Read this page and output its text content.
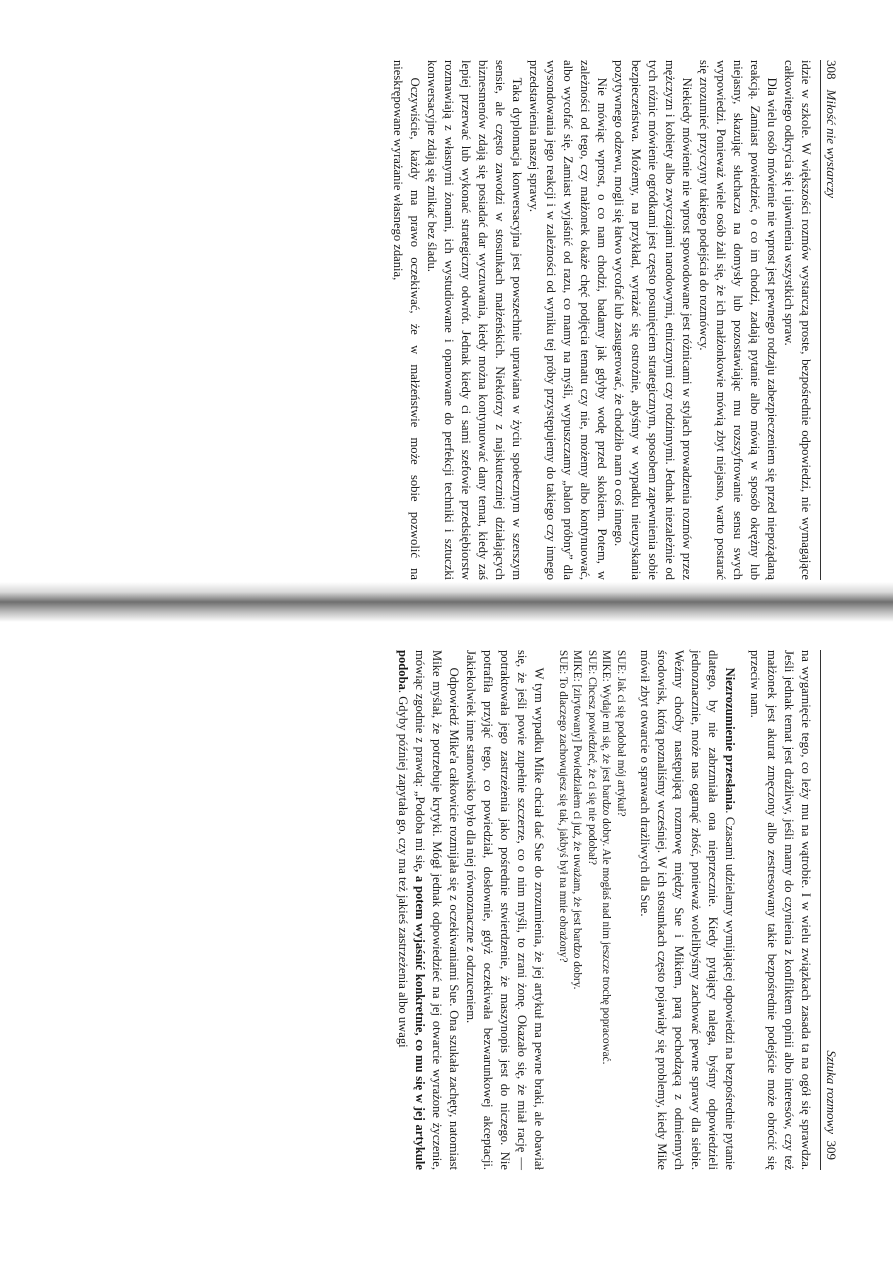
308Miłość nie wystarczy

idzie w szkole. W większości rozmów wystarczą proste, bezpośrednie odpowiedzi, nie wymagające całkowitego odkrycia się i ujawnienia wszystkich spraw.

Dla wielu osób mówienie nie wprost jest pewnego rodzaju zabezpieczeniem się przed niepożądaną reakcją. Zamiast powiedzieć, o co im chodzi, zadają pytanie albo mówią w sposób okrężny lub niejasny, skazując słuchacza na domysły lub pozostawiając mu rozszyfrowanie sensu swych wypowiedzi. Ponieważ wiele osób żali się, że ich małżonkowie mówią zbyt niejasno, warto postarać się zrozumieć przyczyny takiego podejścia do rozmówcy.

Niekiedy mówienie nie wprost spowodowane jest różnicami w stylach prowadzenia rozmów przez mężczyzn i kobiety albo zwyczajami narodowymi, etnicznymi czy rodzinnymi. Jednak niezależnie od tych różnic mówienie ogródkami jest często posunięciem strategicznym, sposobem zapewnienia sobie bezpieczeństwa. Możemy, na przykład, wyrażać się ostrożnie, abyśmy w wypadku nieuzyskania pozytywnego odzewu, mogli się łatwo wycofać lub zasugerować, że chodziło nam o coś innego.

Nie mówiąc wprost, o co nam chodzi, badamy jak gdyby wodę przed skokiem. Potem, w zależności od tego, czy małżonek okaże chęć podjęcia tematu czy nie, możemy albo kontynuować, albo wycofać się. Zamiast wyjaśnić od razu, co mamy na myśli, wypuszczamy „balon próbny” dla wysondowania jego reakcji i w zależności od wyniku tej próby przystępujemy do takiego czy innego przedstawienia naszej sprawy.

Taka dyplomacja konwersacyjna jest powszechnie uprawiana w życiu społecznym w szerszym sensie, ale często zawodzi w stosunkach małżeńskich. Niektórzy z najskuteczniej działających biznesmenów zdają się posiadać dar wyczuwania, kiedy można kontynuować dany temat, kiedy zaś lepiej przerwać lub wykonać strategiczny odwrót. Jednak kiedy ci sami szefowie przedsiębiorstw rozmawiają z własnymi żonami, ich wystudiowane i opanowane do perfekcji techniki i sztuczki konwersacyjne zdają się znikać bez śladu.

Oczywiście, każdy ma prawo oczekiwać, że w małżeństwie może sobie pozwolić na nieskrępowane wyrażanie własnego zdania,

Sztuka rozmowy  309

na wygarnięcie tego, co leży mu na wątrobie. I w wielu związkach zasada ta na ogół się sprawdza. Jeśli jednak temat jest drażliwy, jeśli mamy do czynienia z konfliktem opinii albo interesów, czy też małżonek jest akurat zmęczony albo zestresowany takie bezpośrednie podejście może obrócić się przeciw nam.

Niezrozumienie przesłania. Czasami udzielamy wymijającej odpowiedzi na bezpośrednie pytanie dlatego, by nie zabrzmiała ona nieprzecznie. Kiedy pytający nalega, byśmy odpowiedzieli jednoznacznie, może nas ogarnąć złość, ponieważ wolelibyśmy zachować pewne sprawy dla siebie. Weźmy choćby następującą rozmowę między Sue i Mikiem, parą pochodzącą z odmiennych środowisk, którą poznaliśmy wcześniej. W ich stosunkach często pojawiały się problemy, kiedy Mike mówił zbyt otwarcie o sprawach drażliwych dla Sue.

SUE: Jak ci się podobał mój artykuł?

MIKE: Wydaje mi się, że jest bardzo dobry. Ale mogłaś nad nim jeszcze trochę popracować.

SUE: Chcesz powiedzieć, że ci się nie podobał?

MIKE: [zirytowany] Powiedziałem ci już, że uważam, że jest bardzo dobry.

SUE: To dlaczego zachowujesz się tak, jakbyś był na mnie obrażony?

W tym wypadku Mike chciał dać Sue do zrozumienia, że jej artykuł ma pewne braki, ale obawiał się, że jeśli powie zupełnie szczerze, co o nim myśli, to zrani żonę. Okazało się, że miał rację — potraktowała jego zastrzeżenia jako pośrednie stwierdzenie, że maszynopis jest do niczego. Nie potrafiła przyjąć tego, co powiedział, dosłownie, gdyż oczekiwała bezwarunkowej akceptacji. Jakiekolwiek inne stanowisko było dla niej równoznaczne z odrzuceniem.

Odpowiedź Mike'a całkowicie rozmijała się z oczekiwaniami Sue. Ona szukała zachęty, natomiast Mike myślał, że potrzebuje krytyki. Mógł jednak odpowiedzieć na jej otwarcie wyrażone życzenie, mówiąc zgodnie z prawdą: „Podoba mi się, a potem wyjaśnić konkretnie, co mu się w jej artykule podoba. Gdyby później zapytała go, czy ma też jakieś zastrzeżenia albo uwagi
